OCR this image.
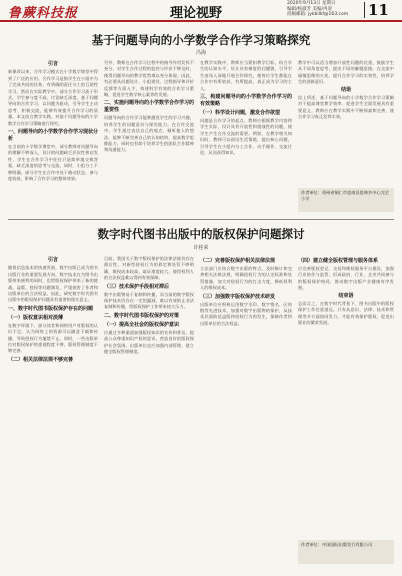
鲁蕨科技报	理论视野
2020年9月13日 星期日
编辑/杨淑芳 美编/冉迎
投稿邮箱: jykbllkf@163.com 11
基于问题导向的小学数学合作学习策略探究
冯海
引言

新课改以来，合作学习模式在小学数学课堂中得到了广泛的应用。合作学习是指学生在小组中为了完成共同的任务，有明确的责任分工的互助性学习。然而在实际教学中，部分合作学习流于形式，学生参与度不高，讨论缺乏深度。基于问题导向的合作学习，以问题为驱动，引导学生主动思考、积极交流，能够有效提升合作学习的质量。本文结合教学实践，对基于问题导向的小学数学合作学习策略进行探究。

一、问题导向的小学数学合作学习现状分析

在当前的小学数学课堂中，部分教师对问题导向的理解不够深入，设计的问题缺乏层次性和启发性，学生在合作学习中往往只是简单地交换答案，缺乏深度的思考与交流。同时，小组分工不够明确，部分学生在合作中处于被动状态，参与度较低，影响了合作学习的整体效果。

另外，教师在合作学习过程中的指导作用发挥不充分，对学生合作过程的监控与评价不够及时，使得问题导向的教学优势难以充分体现。因此，有必要从问题设计、小组建设、过程指导和评价反馈等方面入手，构建科学有效的合作学习策略，促进学生数学核心素养的发展。

二、实施问题导向的小学数学合作学习的重要性

问题导向的合作学习能够激发学生的学习兴趣，培养学生的问题意识与探究能力。在合作交流中，学生通过表达自己的观点、倾听他人的想法，能够不断完善自己的认知结构，提高数学思维能力，同时也有助于培养学生的团队合作精神和沟通能力。

在教学实践中，教师应当紧扣教学目标，结合学生的认知水平，设计具有梯度的问题链，引导学生由浅入深地开展合作探究，使每位学生都能在合作中有所收获、有所提高，真正成为学习的主人。

三、构建问题导向的小学数学合作学习的有效策略
（一）科学设计问题，激发合作欲望

问题是合作学习的起点。教师应根据教学内容和学生实际，设计具有开放性和挑战性的问题，使学生产生合作交流的需要。例如，在教学相关知识时，教师可以创设生活情境，提出核心问题，引导学生在小组内分工合作、动手操作、交流讨论，从而获得知识。

教学中可以适当增加开放性问题的比重，鼓励学生从不同角度思考，提出不同的解题思路，在交流中碰撞思维的火花，提升合作学习的实效性，培养学生的创新意识。

结语

综上所述，基于问题导向的小学数学合作学习策略对于提高课堂教学效率、促进学生全面发展具有重要意义。教师应在教学实践中不断探索和完善，使合作学习真正发挥实效。

作者单位：贵州省铜仁市思南县思林乡中心完全小学
数字时代图书出版中的版权保护问题探讨
许桂荣
引言

随着信息技术的快速发展，数字出版已成为图书出版行业的重要发展方向。数字技术在为图书出版带来便利的同时，也给版权保护带来了新的挑战。盗版、侵权等问题频发，严重损害了作者和出版单位的合法权益。因此，研究数字时代图书出版中的版权保护问题具有重要的现实意义。

一、数字时代图书版权保护存在的问题
（一）版权意识相对淡薄

在数字环境下，部分读者和网络用户对版权的认识不足，认为网络上的资源可以随意下载和传播，导致侵权行为屡禁不止。同时，一些出版单位对版权保护的重视程度不够，版权管理制度不够完善。

（二）相关法律法规不够完善

目前，我国关于数字版权保护的法律法规仍存在滞后性，对新型侵权行为的界定和处罚不够明确，维权成本较高，取证难度较大，使得权利人的合法权益难以得到有效保障。

（三）技术保护手段相对滞后

数字出版物易于复制和传播，而当前的数字版权保护技术仍存在一定的漏洞，难以有效防止非法复制和传播，给版权保护工作带来较大压力。

二、数字时代图书版权保护的对策
（一）提高全社会的版权保护意识

应通过多种渠道加强版权知识的宣传和普及，提高公众尊重知识产权的意识，营造良好的版权保护社会氛围。出版单位也应加强内部管理，建立健全版权管理制度。

（二）完善版权保护相关法律法规

立法部门应结合数字出版的特点，及时修订和完善相关法律法规，明确侵权行为的认定标准和处罚措施，加大对侵权行为的打击力度，降低权利人的维权成本。

（三）加强数字版权保护技术研发

出版单位应积极运用数字水印、数字签名、区块链等先进技术，加强对数字出版物的保护，从技术层面防范盗版和侵权行为的发生，保障作者和出版单位的合法权益。

（四）建立健全版权管理与服务体系

应完善版权登记、交易和维权服务平台建设，加强行业协作与监管，形成政府、行业、企业共同参与的版权保护格局，推动数字出版产业健康有序发展。

结束语

总而言之，在数字时代背景下，图书出版中的版权保护工作任重道远。只有从意识、法律、技术和管理等多方面协同发力，才能有效保护版权，促进出版业的繁荣发展。

作者单位：中国国际出版发行有限公司
